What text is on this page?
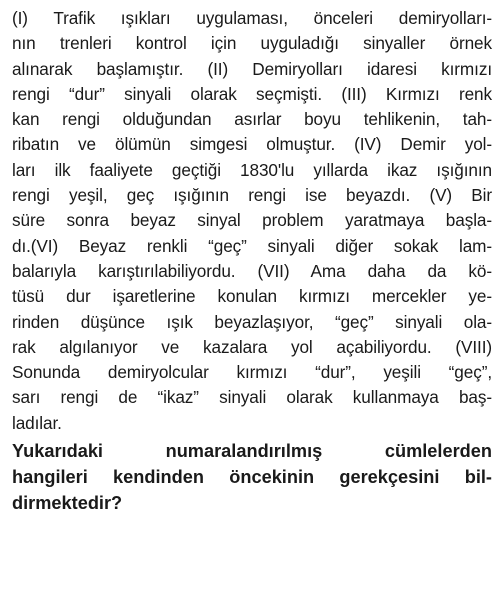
(I) Trafik ışıkları uygulaması, önceleri demiryolları-
nın trenleri kontrol için uyguladığı sinyaller örnek
alınarak başlamıştır. (II) Demiryolları idaresi kırmızı
rengi “dur” sinyali olarak seçmişti. (III) Kırmızı renk
kan rengi olduğundan asırlar boyu tehlikenin, tah-
ribatın ve ölümün simgesi olmuştur. (IV) Demir yol-
ları ilk faaliyete geçtiği 1830'lu yıllarda ikaz ışığının
rengi yeşil, geç ışığının rengi ise beyazdı. (V) Bir
süre sonra beyaz sinyal problem yaratmaya başla-
dı.(VI) Beyaz renkli “geç” sinyali diğer sokak lam-
balarıyla karıştırılabiliyordu. (VII) Ama daha da kö-
tüsü dur işaretlerine konulan kırmızı mercekler ye-
rinden düşünce ışık beyazlaşıyor, “geç” sinyali ola-
rak algılanıyor ve kazalara yol açabiliyordu. (VIII)
Sonunda demiryolcular kırmızı “dur”, yeşili “geç”,
sarı rengi de “ikaz” sinyali olarak kullanmaya baş-
ladılar.
Yukarıdaki numaralandırılmış cümlelerden
hangileri kendinden öncekinin gerekçesini bil-
dirmektedir?
